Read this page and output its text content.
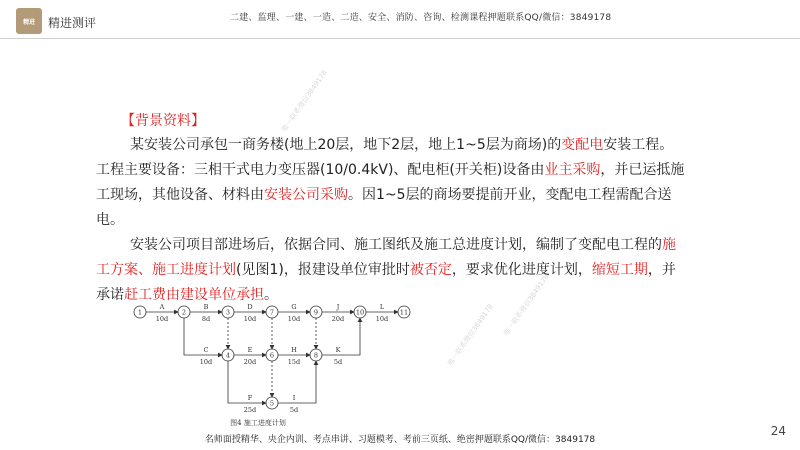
精进 精进测评	二建、监理、一建、一造、二造、安全、消防、咨询、检测课程押题联系QQ/微信：3849178
唯一联系微信3849178
唯一联系微信3849178 唯一联系微信3849178
【背景资料】
某安装公司承包一商务楼(地上20层，地下2层，地上1~5层为商场)的变配电安装工程。工程主要设备：三相干式电力变压器(10/0.4kV)、配电柜(开关柜)设备由业主采购，并已运抵施工现场，其他设备、材料由安装公司采购。因1~5层的商场要提前开业，变配电工程需配合送电。
安装公司项目部进场后，依据合同、施工图纸及施工总进度计划，编制了变配电工程的施工方案、施工进度计划(见图1)，报建设单位审批时被否定，要求优化进度计划，缩短工期，并承诺赶工费由建设单位承担。
A
10d
B
8d
D
10d
G
10d
J
20d
L
10d
C
10d
E
20d
H
15d
K
5d
F
25d
I
5d
1	2	3
4
5
6
7
8
9	10	11
图4 施工进度计划
名师面授精华、央企内训、考点串讲、习题模考、考前三页纸、绝密押题联系QQ/微信：3849178
24
